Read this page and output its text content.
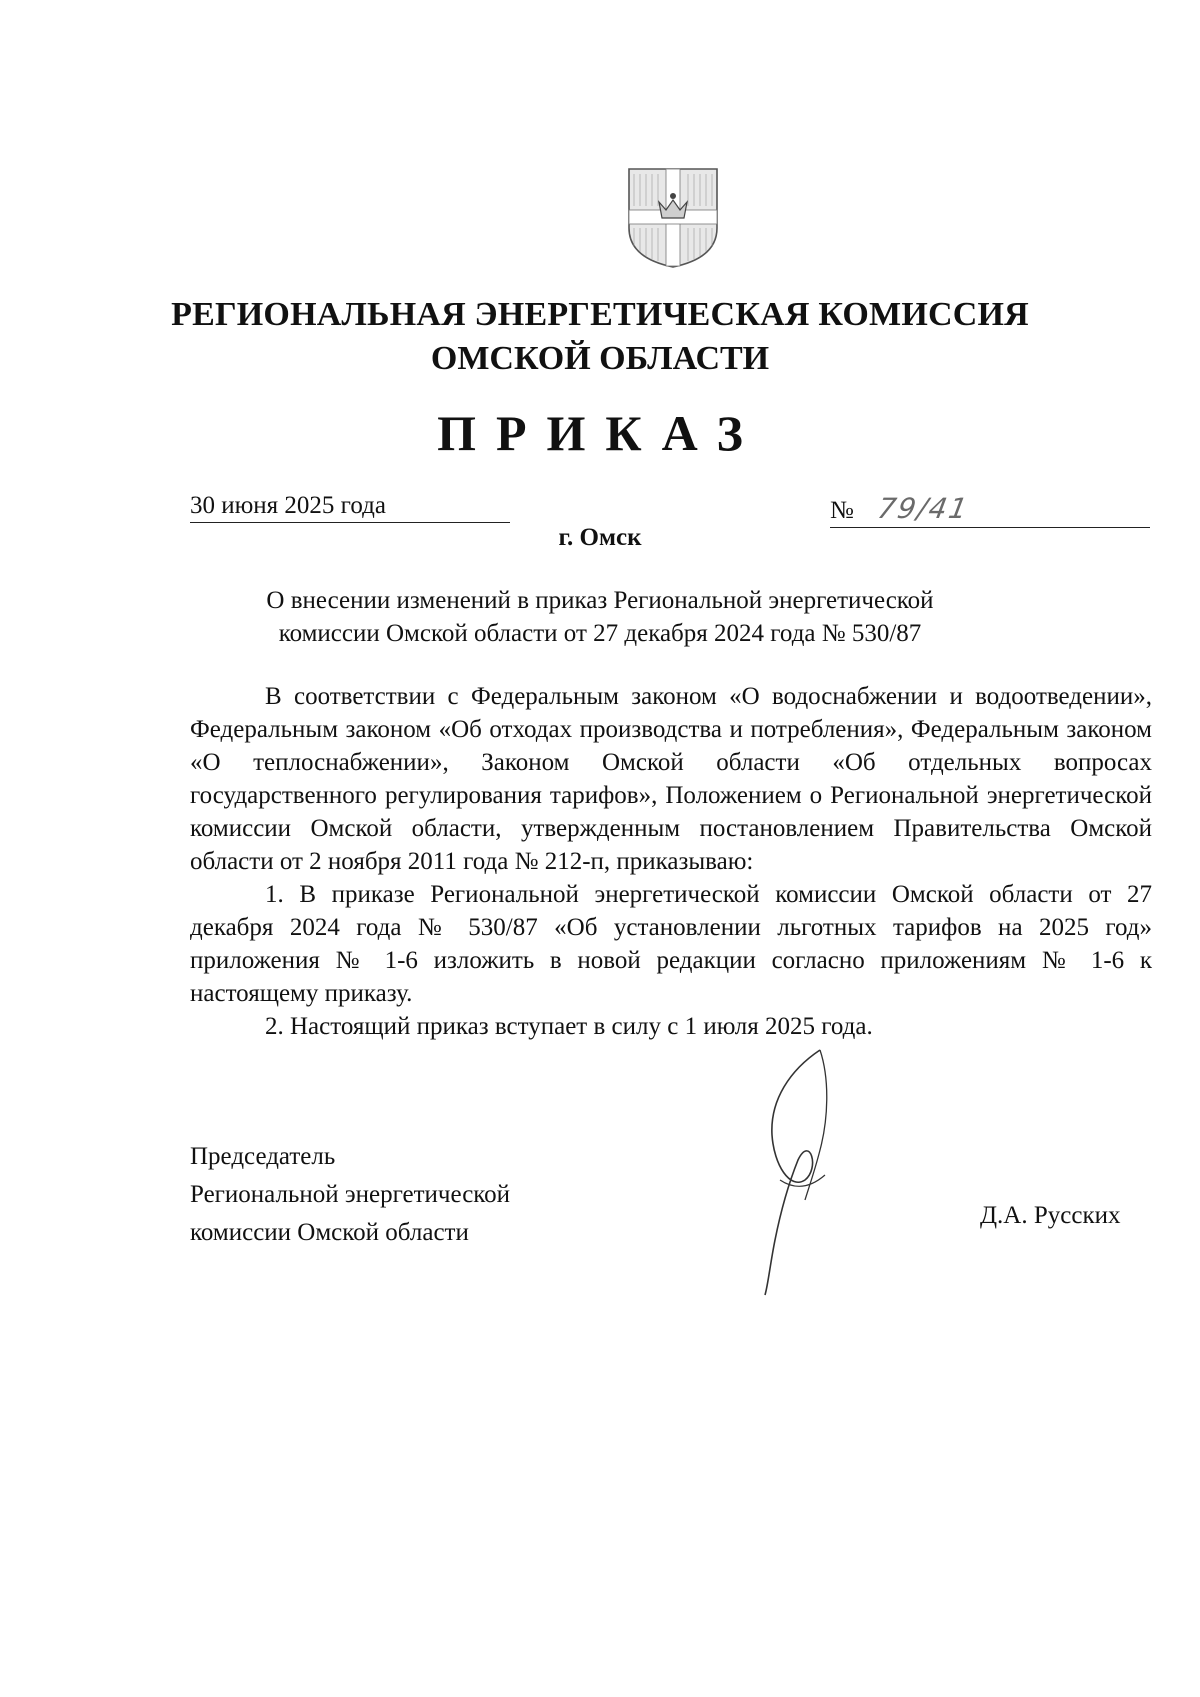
РЕГИОНАЛЬНАЯ ЭНЕРГЕТИЧЕСКАЯ КОМИССИЯ
ОМСКОЙ ОБЛАСТИ
ПРИКАЗ
30 июня 2025 года	№ 79/41
г. Омск
О внесении изменений в приказ Региональной энергетической
комиссии Омской области от 27 декабря 2024 года № 530/87

В соответствии с Федеральным законом «О водоснабжении и водоотведении», Федеральным законом «Об отходах производства и потребления», Федеральным законом «О теплоснабжении», Законом Омской области «Об отдельных вопросах государственного регулирования тарифов», Положением о Региональной энергетической комиссии Омской области, утвержденным постановлением Правительства Омской области от 2 ноября 2011 года № 212-п, приказываю:

1. В приказе Региональной энергетической комиссии Омской области от 27 декабря 2024 года № 530/87 «Об установлении льготных тарифов на 2025 год» приложения № 1-6 изложить в новой редакции согласно приложениям № 1-6 к настоящему приказу.

2. Настоящий приказ вступает в силу с 1 июля 2025 года.

Председатель
Региональной энергетической
комиссии Омской области
Д.А. Русских
